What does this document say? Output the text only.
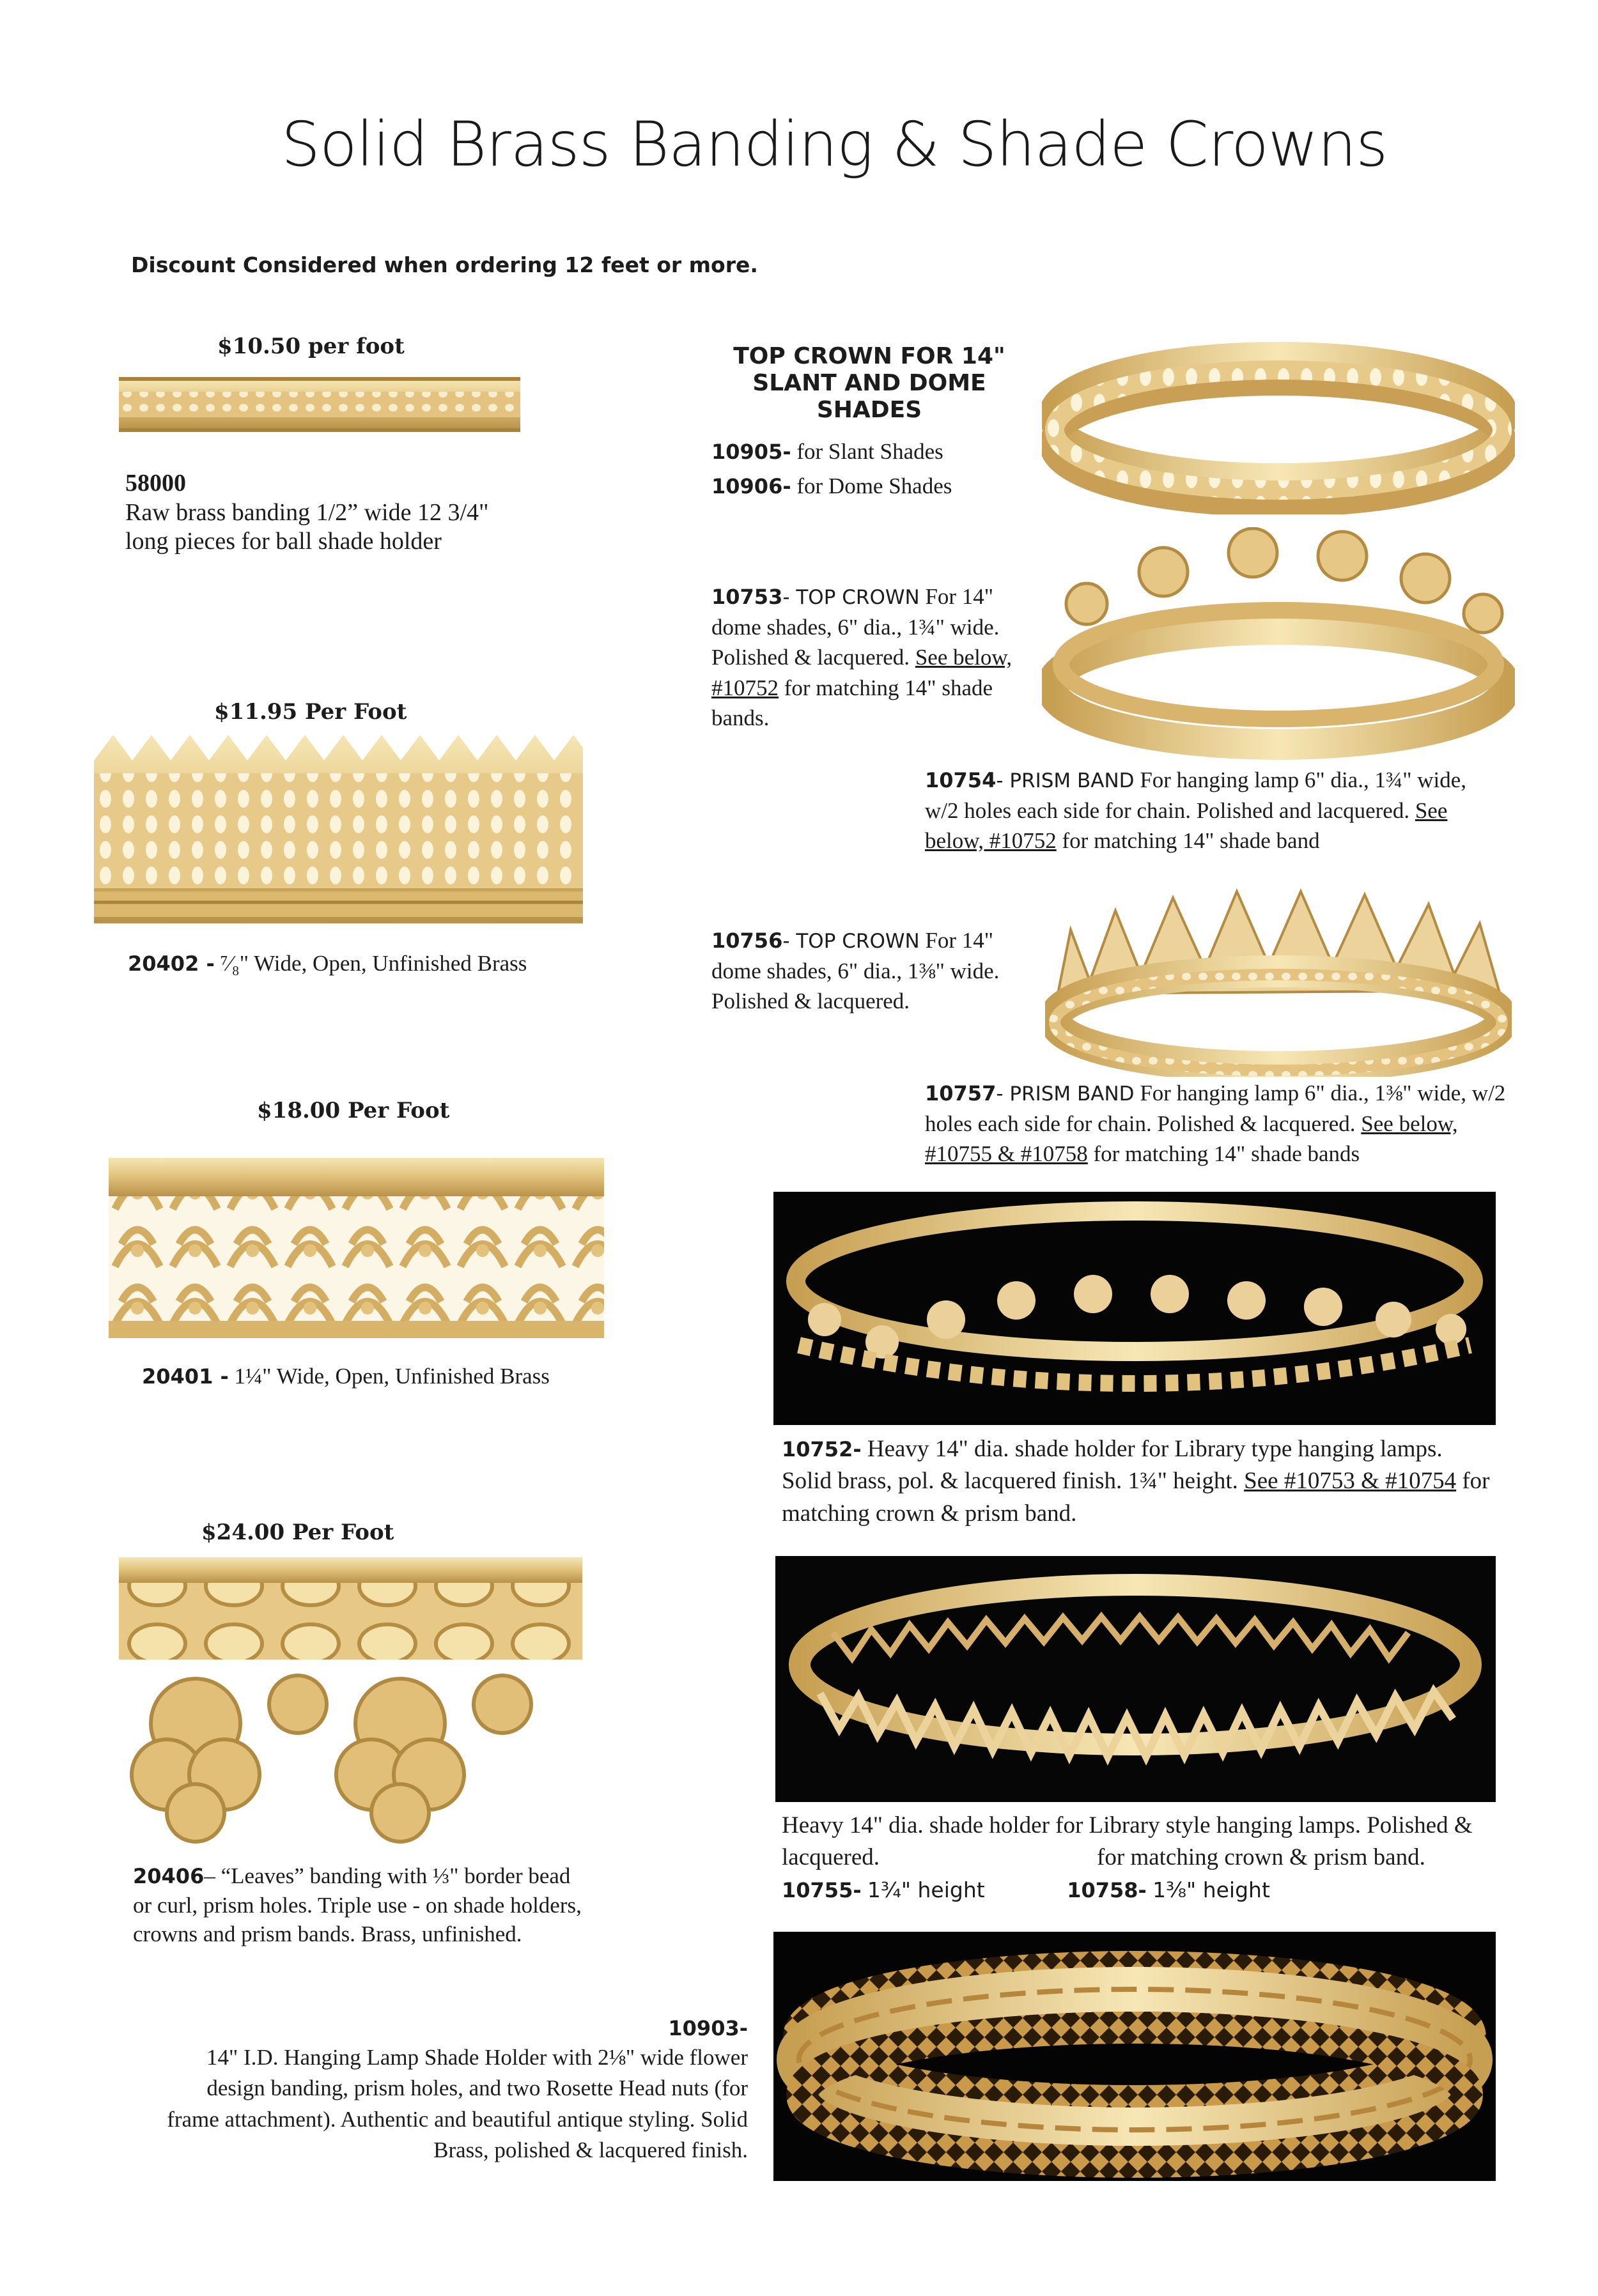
Solid Brass Banding & Shade Crowns
Discount Considered when ordering 12 feet or more.
$10.50 per foot
58000
Raw brass banding 1/2” wide 12 3/4" long pieces for ball shade holder
$11.95 Per Foot
20402 - ⁷⁄₈" Wide, Open, Unfinished Brass
$18.00 Per Foot
20401 - 1¼" Wide, Open, Unfinished Brass
$24.00 Per Foot
20406– “Leaves” banding with ⅓" border bead or curl, prism holes. Triple use - on shade holders, crowns and prism bands. Brass, unfinished.
10903-
14" I.D. Hanging Lamp Shade Holder with 2⅛" wide flower design banding, prism holes, and two Rosette Head nuts (for frame attachment). Authentic and beautiful antique styling. Solid Brass, polished & lacquered finish.
TOP CROWN FOR 14" SLANT AND DOME SHADES
10905- for Slant Shades
10906- for Dome Shades
10753- TOP CROWN For 14" dome shades, 6" dia., 1¾" wide. Polished & lacquered. See below, #10752 for matching 14" shade bands.
10754- PRISM BAND For hanging lamp 6" dia., 1¾" wide, w/2 holes each side for chain. Polished and lacquered. See below, #10752 for matching 14" shade band
10756- TOP CROWN For 14" dome shades, 6" dia., 1⅜" wide. Polished & lacquered.
10757- PRISM BAND For hanging lamp 6" dia., 1⅜" wide, w/2 holes each side for chain. Polished & lacquered. See below, #10755 & #10758 for matching 14" shade bands
10752- Heavy 14" dia. shade holder for Library type hanging lamps. Solid brass, pol. & lacquered finish. 1¾" height. See #10753 & #10754 for matching crown & prism band.
Heavy 14" dia. shade holder for Library style hanging lamps. Polished &
lacquered.	for matching crown & prism band.
10755- 1¾" height	10758- 1⅜" height
